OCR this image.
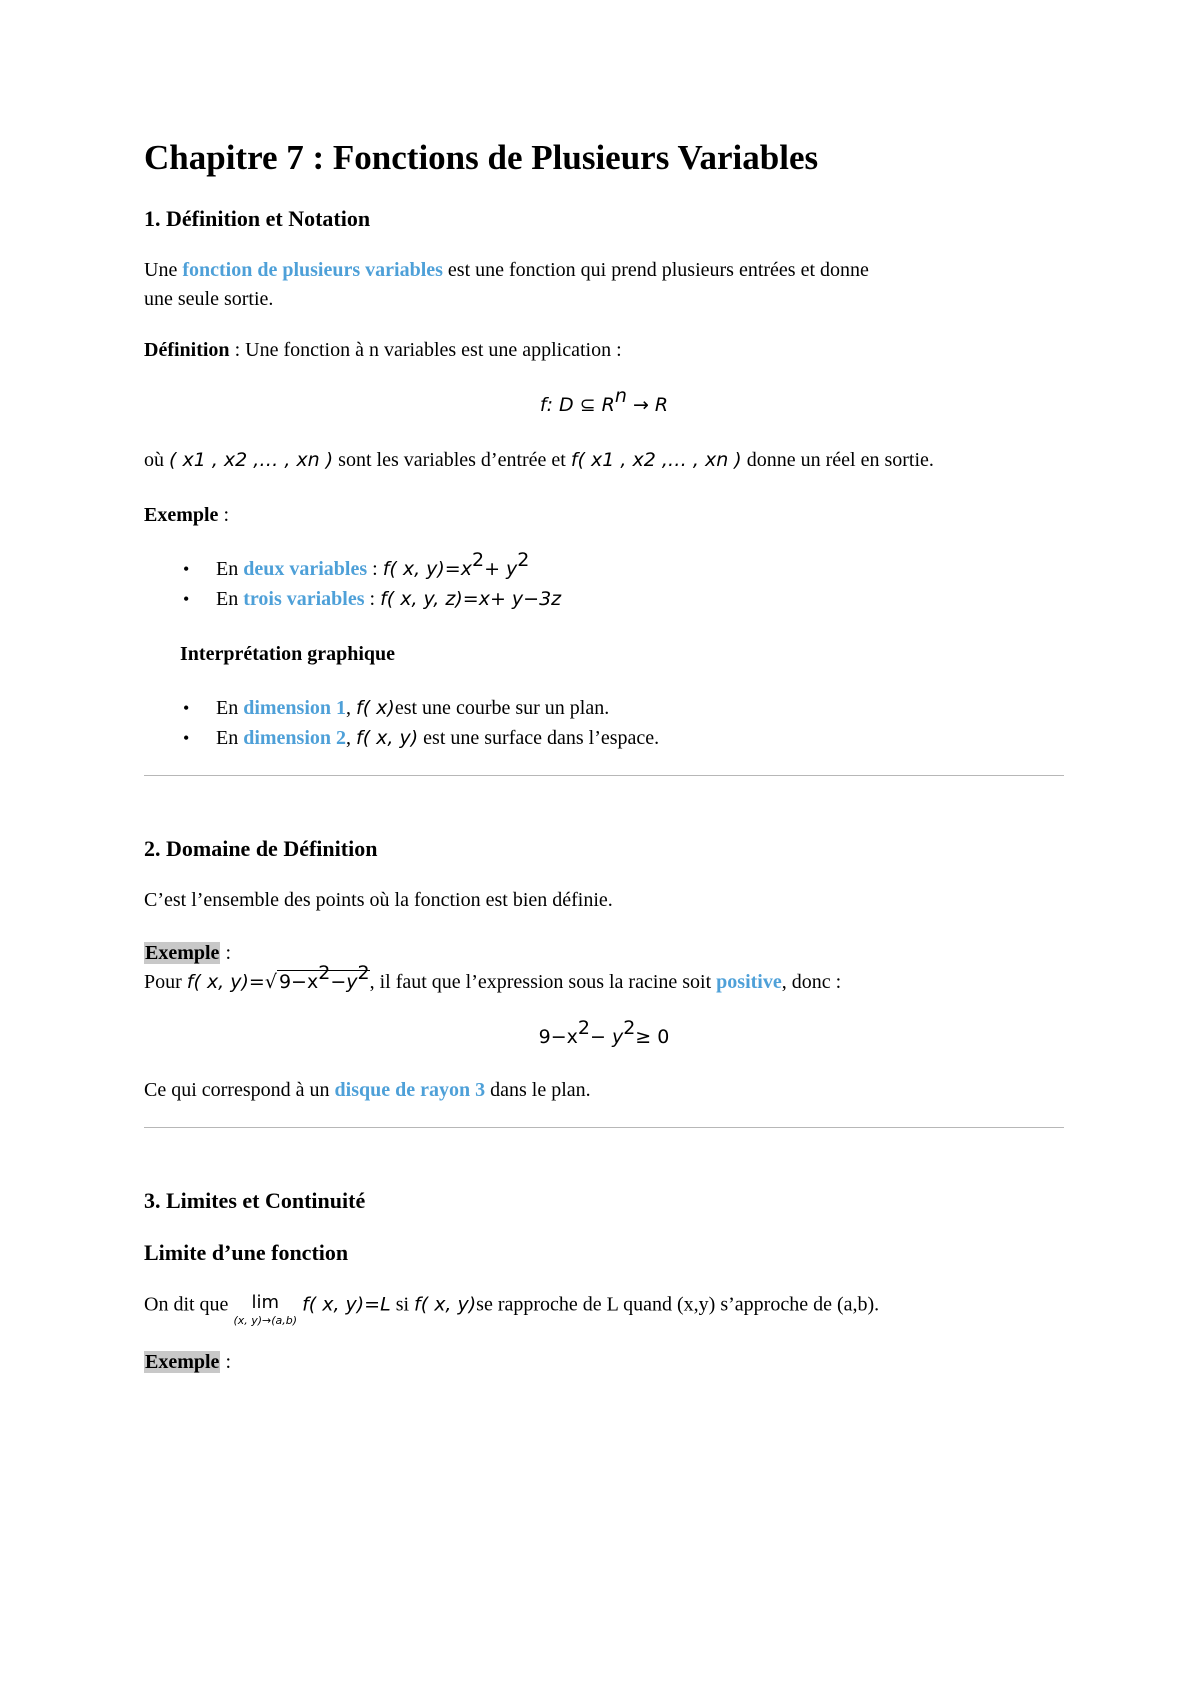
Chapitre 7 : Fonctions de Plusieurs Variables
1. Définition et Notation

Une fonction de plusieurs variables est une fonction qui prend plusieurs entrées et donne
une seule sortie.

Définition : Une fonction à n variables est une application :

f: D ⊆ $R^n \to R$

où ( x1 , x2 ,… , xn ) sont les variables d’entrée et f( x1 , x2 ,… , xn ) donne un réel en sortie.

Exemple :

• En deux variables : f( x, $y)=x^2+ y^2$
• En trois variables : f( x, y, z)=x+ y−3z

Interprétation graphique

• En dimension 1, f( x)est une courbe sur un plan.
• En dimension 2, f( x, y) est une surface dans l’espace.
2. Domaine de Définition

C’est l’ensemble des points où la fonction est bien définie.

Exemple :
Pour f( x, y)=√ $9-x^2-y^2$, il faut que l’expression sous la racine soit positive, donc :

$9-x^2- y^2\ge 0$

Ce qui correspond à un disque de rayon 3 dans le plan.

3. Limites et Continuité
Limite d’une fonction

On dit que	lim
(x, y)→(a,b)
f( x, y)=L si f( x, y)se rapproche de L quand (x,y) s’approche de (a,b).

Exemple :
